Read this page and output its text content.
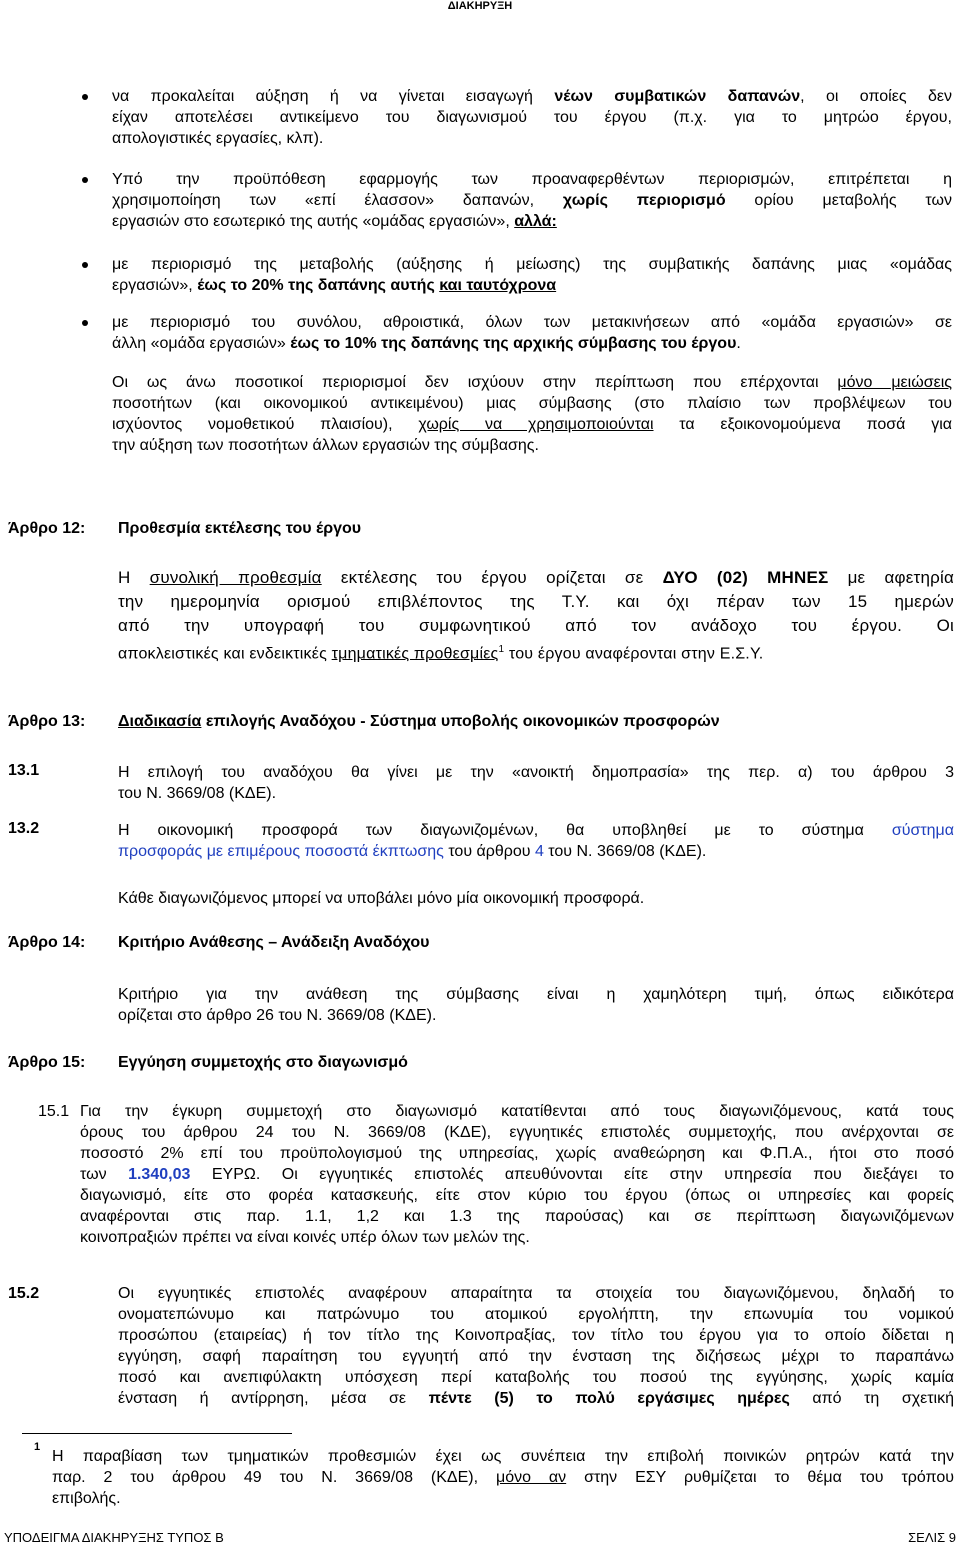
ΔΙΑΚΗΡΥΞΗ
να προκαλείται αύξηση ή να γίνεται εισαγωγή νέων συμβατικών δαπανών, οι οποίες δεν
είχαν αποτελέσει αντικείμενο του διαγωνισμού του έργου (π.χ. για το μητρώο έργου,
απολογιστικές εργασίες, κλπ).
Υπό την προϋπόθεση εφαρμογής των προαναφερθέντων περιορισμών, επιτρέπεται η
χρησιμοποίηση των «επί έλασσον» δαπανών, χωρίς περιορισμό ορίου μεταβολής των
εργασιών στο εσωτερικό της αυτής «ομάδας εργασιών», αλλά:
με περιορισμό της μεταβολής (αύξησης ή μείωσης) της συμβατικής δαπάνης μιας «ομάδας
εργασιών», έως το 20% της δαπάνης αυτής και ταυτόχρονα
με περιορισμό του συνόλου, αθροιστικά, όλων των μετακινήσεων από «ομάδα εργασιών» σε
άλλη «ομάδα εργασιών» έως το 10% της δαπάνης της αρχικής σύμβασης του έργου.
Οι ως άνω ποσοτικοί περιορισμοί δεν ισχύουν στην περίπτωση που επέρχονται μόνο μειώσεις
ποσοτήτων (και οικονομικού αντικειμένου) μιας σύμβασης (στο πλαίσιο των προβλέψεων του
ισχύοντος νομοθετικού πλαισίου), χωρίς να χρησιμοποιούνται τα εξοικονομούμενα ποσά για
την αύξηση των ποσοτήτων άλλων εργασιών της σύμβασης.
Άρθρο 12: Προθεσμία εκτέλεσης του έργου
Η συνολική προθεσμία εκτέλεσης του έργου ορίζεται σε ΔΥΟ (02) ΜΗΝΕΣ με αφετηρία
την ημερομηνία ορισμού επιβλέποντος της Τ.Υ. και όχι πέραν των 15 ημερών
από την υπογραφή του συμφωνητικού από τον ανάδοχο του έργου. Οι
αποκλειστικές και ενδεικτικές τμηματικές προθεσμίες$^1$ του έργου αναφέρονται στην Ε.Σ.Υ.
Άρθρο 13: Διαδικασία επιλογής Αναδόχου - Σύστημα υποβολής οικονομικών προσφορών
13.1	Η επιλογή του αναδόχου θα γίνει με την «ανοικτή δημοπρασία» της περ. α) του άρθρου 3
του Ν. 3669/08 (ΚΔΕ).
13.2	Η οικονομική προσφορά των διαγωνιζομένων, θα υποβληθεί με το σύστημα σύστημα
προσφοράς με επιμέρους ποσοστά έκπτωσης του άρθρου 4 του Ν. 3669/08 (ΚΔΕ).
Κάθε διαγωνιζόμενος μπορεί να υποβάλει μόνο μία οικονομική προσφορά.
Άρθρο 14: Κριτήριο Ανάθεσης – Ανάδειξη Αναδόχου
Κριτήριο για την ανάθεση της σύμβασης είναι η χαμηλότερη τιμή, όπως ειδικότερα
ορίζεται στο άρθρο 26 του Ν. 3669/08 (ΚΔΕ).
Άρθρο 15: Εγγύηση συμμετοχής στο διαγωνισμό
15.1 Για την έγκυρη συμμετοχή στο διαγωνισμό κατατίθενται από τους διαγωνιζόμενους, κατά τους
όρους του άρθρου 24 του Ν. 3669/08 (ΚΔΕ), εγγυητικές επιστολές συμμετοχής, που ανέρχονται σε
ποσοστό 2% επί του προϋπολογισμού της υπηρεσίας, χωρίς αναθεώρηση και Φ.Π.Α., ήτοι στο ποσό
των 1.340,03 ΕΥΡΩ. Οι εγγυητικές επιστολές απευθύνονται είτε στην υπηρεσία που διεξάγει το
διαγωνισμό, είτε στο φορέα κατασκευής, είτε στον κύριο του έργου (όπως οι υπηρεσίες και φορείς
αναφέρονται στις παρ. 1.1, 1,2 και 1.3 της παρούσας) και σε περίπτωση διαγωνιζόμενων
κοινοπραξιών πρέπει να είναι κοινές υπέρ όλων των μελών της.
15.2	Οι εγγυητικές επιστολές αναφέρουν απαραίτητα τα στοιχεία του διαγωνιζόμενου, δηλαδή το
ονοματεπώνυμο και πατρώνυμο του ατομικού εργολήπτη, την επωνυμία του νομικού
προσώπου (εταιρείας) ή τον τίτλο της Κοινοπραξίας, τον τίτλο του έργου για το οποίο δίδεται η
εγγύηση, σαφή παραίτηση του εγγυητή από την ένσταση της διζήσεως μέχρι το παραπάνω
ποσό και ανεπιφύλακτη υπόσχεση περί καταβολής του ποσού της εγγύησης, χωρίς καμία
ένσταση ή αντίρρηση, μέσα σε πέντε (5) το πολύ εργάσιμες ημέρες από τη σχετική
1
Η παραβίαση των τμηματικών προθεσμιών έχει ως συνέπεια την επιβολή ποινικών ρητρών κατά την
παρ. 2 του άρθρου 49 του Ν. 3669/08 (ΚΔΕ), μόνο αν στην ΕΣΥ ρυθμίζεται το θέμα του τρόπου
επιβολής.
ΥΠΟΔΕΙΓΜΑ ΔΙΑΚΗΡΥΞΗΣ ΤΥΠΟΣ Β	ΣΕΛΙΣ 9
